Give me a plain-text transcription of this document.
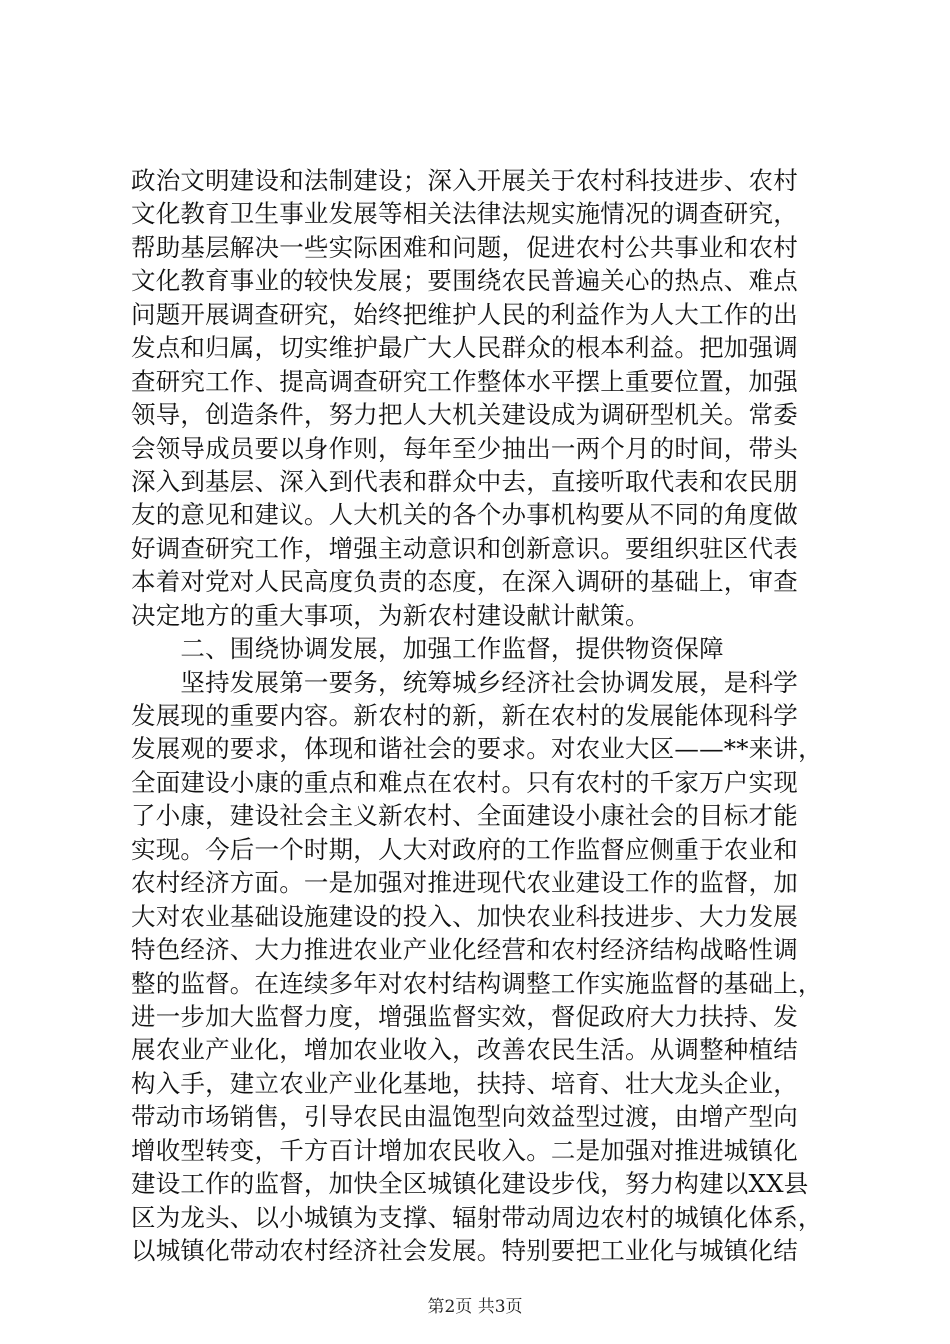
政治文明建设和法制建设；深入开展关于农村科技进步、农村
文化教育卫生事业发展等相关法律法规实施情况的调查研究，
帮助基层解决一些实际困难和问题，促进农村公共事业和农村
文化教育事业的较快发展；要围绕农民普遍关心的热点、难点
问题开展调查研究，始终把维护人民的利益作为人大工作的出
发点和归属，切实维护最广大人民群众的根本利益。把加强调
查研究工作、提高调查研究工作整体水平摆上重要位置，加强
领导，创造条件，努力把人大机关建设成为调研型机关。常委
会领导成员要以身作则，每年至少抽出一两个月的时间，带头
深入到基层、深入到代表和群众中去，直接听取代表和农民朋
友的意见和建议。人大机关的各个办事机构要从不同的角度做
好调查研究工作，增强主动意识和创新意识。要组织驻区代表
本着对党对人民高度负责的态度，在深入调研的基础上，审查
决定地方的重大事项，为新农村建设献计献策。
　　二、围绕协调发展，加强工作监督，提供物资保障
　　坚持发展第一要务，统筹城乡经济社会协调发展，是科学
发展现的重要内容。新农村的新，新在农村的发展能体现科学
发展观的要求，体现和谐社会的要求。对农业大区——**来讲，
全面建设小康的重点和难点在农村。只有农村的千家万户实现
了小康，建设社会主义新农村、全面建设小康社会的目标才能
实现。今后一个时期，人大对政府的工作监督应侧重于农业和
农村经济方面。一是加强对推进现代农业建设工作的监督，加
大对农业基础设施建设的投入、加快农业科技进步、大力发展
特色经济、大力推进农业产业化经营和农村经济结构战略性调
整的监督。在连续多年对农村结构调整工作实施监督的基础上，
进一步加大监督力度，增强监督实效，督促政府大力扶持、发
展农业产业化，增加农业收入，改善农民生活。从调整种植结
构入手，建立农业产业化基地，扶持、培育、壮大龙头企业，
带动市场销售，引导农民由温饱型向效益型过渡，由增产型向
增收型转变，千方百计增加农民收入。二是加强对推进城镇化
建设工作的监督，加快全区城镇化建设步伐，努力构建以XX县
区为龙头、以小城镇为支撑、辐射带动周边农村的城镇化体系，
以城镇化带动农村经济社会发展。特别要把工业化与城镇化结
第2页 共3页
